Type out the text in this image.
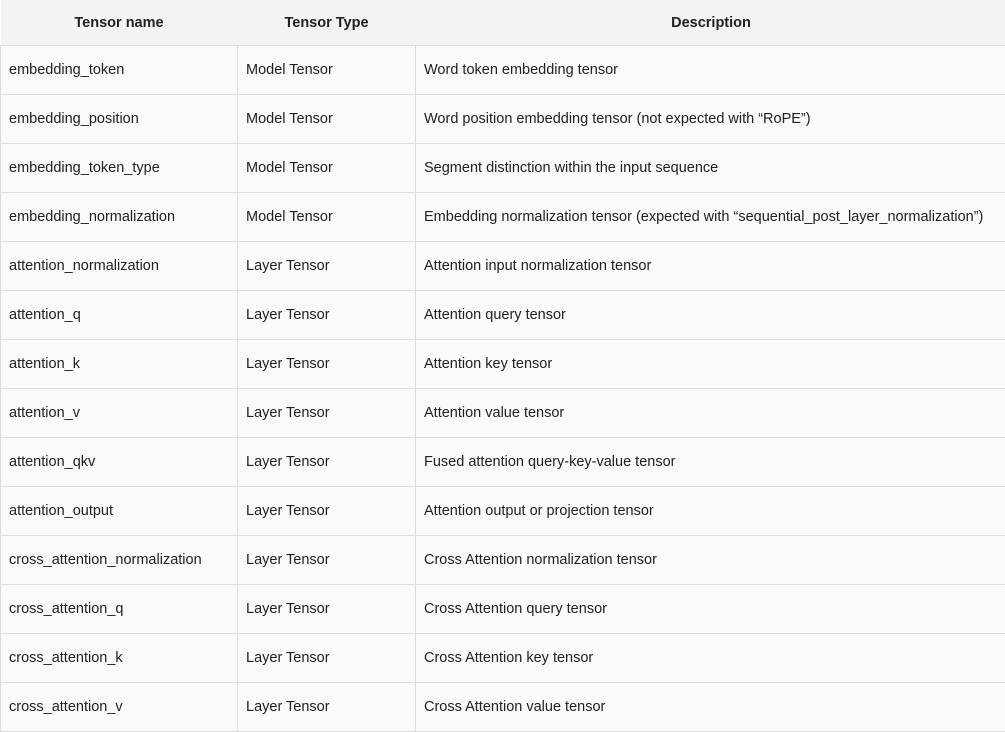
Tensor name	Tensor Type	Description
embedding_token	Model Tensor	Word token embedding tensor
embedding_position	Model Tensor	Word position embedding tensor (not expected with “RoPE”)
embedding_token_type	Model Tensor	Segment distinction within the input sequence
embedding_normalization	Model Tensor	Embedding normalization tensor (expected with “sequential_post_layer_normalization”)
attention_normalization	Layer Tensor	Attention input normalization tensor
attention_q	Layer Tensor	Attention query tensor
attention_k	Layer Tensor	Attention key tensor
attention_v	Layer Tensor	Attention value tensor
attention_qkv	Layer Tensor	Fused attention query-key-value tensor
attention_output	Layer Tensor	Attention output or projection tensor
cross_attention_normalization	Layer Tensor	Cross Attention normalization tensor
cross_attention_q	Layer Tensor	Cross Attention query tensor
cross_attention_k	Layer Tensor	Cross Attention key tensor
cross_attention_v	Layer Tensor	Cross Attention value tensor
